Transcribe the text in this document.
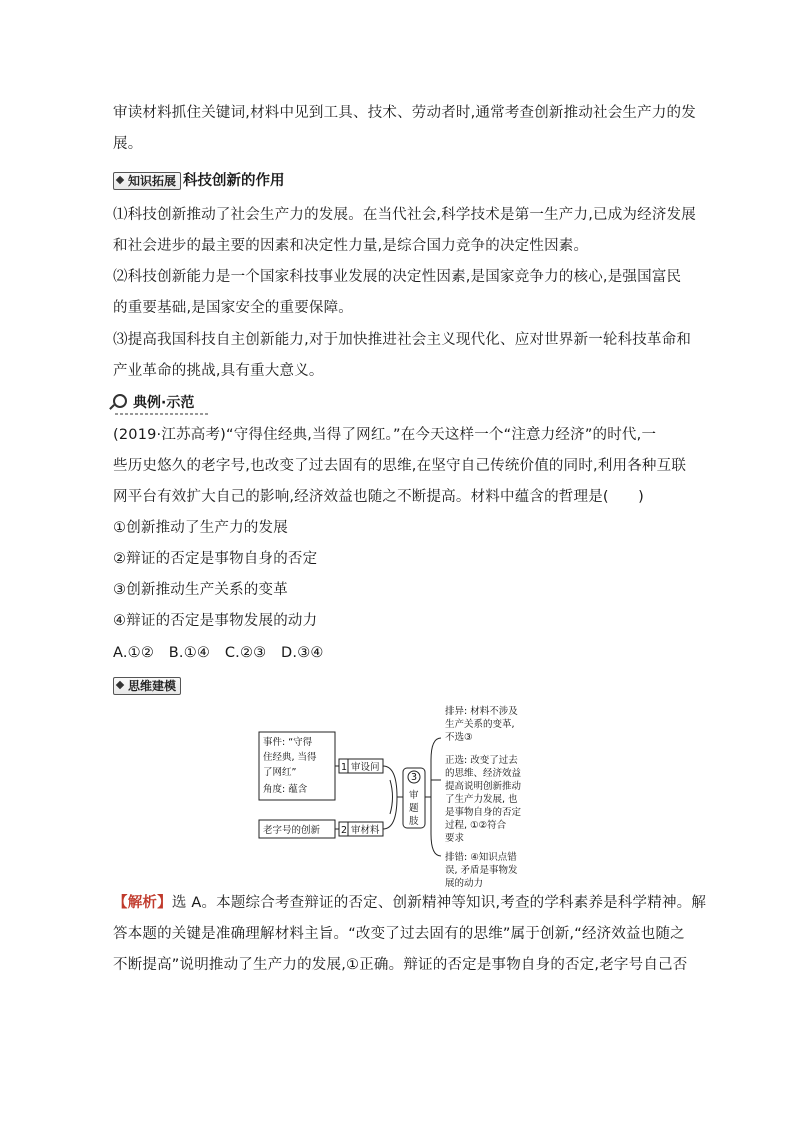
审读材料抓住关键词,材料中见到工具、技术、劳动者时,通常考查创新推动社会生产力的发
展。
知识拓展 科技创新的作用
⑴科技创新推动了社会生产力的发展。在当代社会,科学技术是第一生产力,已成为经济发展
和社会进步的最主要的因素和决定性力量,是综合国力竞争的决定性因素。
⑵科技创新能力是一个国家科技事业发展的决定性因素,是国家竞争力的核心,是强国富民
的重要基础,是国家安全的重要保障。
⑶提高我国科技自主创新能力,对于加快推进社会主义现代化、应对世界新一轮科技革命和
产业革命的挑战,具有重大意义。
典例·示范
(2019·江苏高考)“守得住经典,当得了网红。”在今天这样一个“注意力经济”的时代,一
些历史悠久的老字号,也改变了过去固有的思维,在坚守自己传统价值的同时,利用各种互联
网平台有效扩大自己的影响,经济效益也随之不断提高。材料中蕴含的哲理是(　　)
①创新推动了生产力的发展
②辩证的否定是事物自身的否定
③创新推动生产关系的变革
④辩证的否定是事物发展的动力
A.①②　B.①④　C.②③　D.③④
思维建模
事件: “守得
住经典, 当得
了网红”
角度: 蕴含
1 审设问
老字号的创新 2 审材料
3
审
题
肢
排异: 材料不涉及
生产关系的变革,
不选③
正选: 改变了过去
的思维、经济效益
提高说明创新推动
了生产力发展, 也
是事物自身的否定
过程, ①②符合
要求
排错: ④知识点错
误, 矛盾是事物发
展的动力
【解析】选 A。本题综合考查辩证的否定、创新精神等知识,考查的学科素养是科学精神。解
答本题的关键是准确理解材料主旨。“改变了过去固有的思维”属于创新,“经济效益也随之
不断提高”说明推动了生产力的发展,①正确。辩证的否定是事物自身的否定,老字号自己否
